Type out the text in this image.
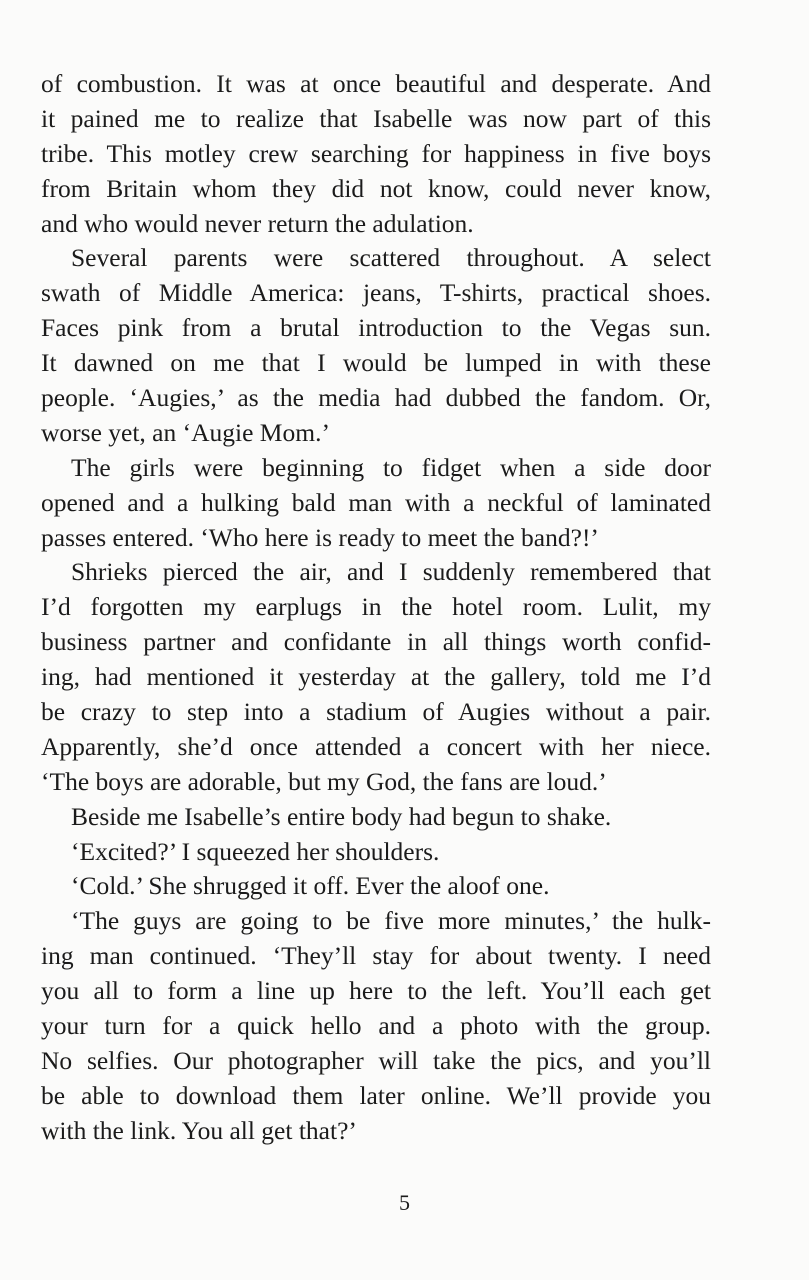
of combustion. It was at once beautiful and desperate. And
it pained me to realize that Isabelle was now part of this
tribe. This motley crew searching for happiness in five boys
from Britain whom they did not know, could never know,
and who would never return the adulation.
Several parents were scattered throughout. A select
swath of Middle America: jeans, T-shirts, practical shoes.
Faces pink from a brutal introduction to the Vegas sun.
It dawned on me that I would be lumped in with these
people. ‘Augies,’ as the media had dubbed the fandom. Or,
worse yet, an ‘Augie Mom.’
The girls were beginning to fidget when a side door
opened and a hulking bald man with a neckful of laminated
passes entered. ‘Who here is ready to meet the band?!’
Shrieks pierced the air, and I suddenly remembered that
I’d forgotten my earplugs in the hotel room. Lulit, my
business partner and confidante in all things worth confid-
ing, had mentioned it yesterday at the gallery, told me I’d
be crazy to step into a stadium of Augies without a pair.
Apparently, she’d once attended a concert with her niece.
‘The boys are adorable, but my God, the fans are loud.’
Beside me Isabelle’s entire body had begun to shake.
‘Excited?’ I squeezed her shoulders.
‘Cold.’ She shrugged it off. Ever the aloof one.
‘The guys are going to be five more minutes,’ the hulk-
ing man continued. ‘They’ll stay for about twenty. I need
you all to form a line up here to the left. You’ll each get
your turn for a quick hello and a photo with the group.
No selfies. Our photographer will take the pics, and you’ll
be able to download them later online. We’ll provide you
with the link. You all get that?’
5
